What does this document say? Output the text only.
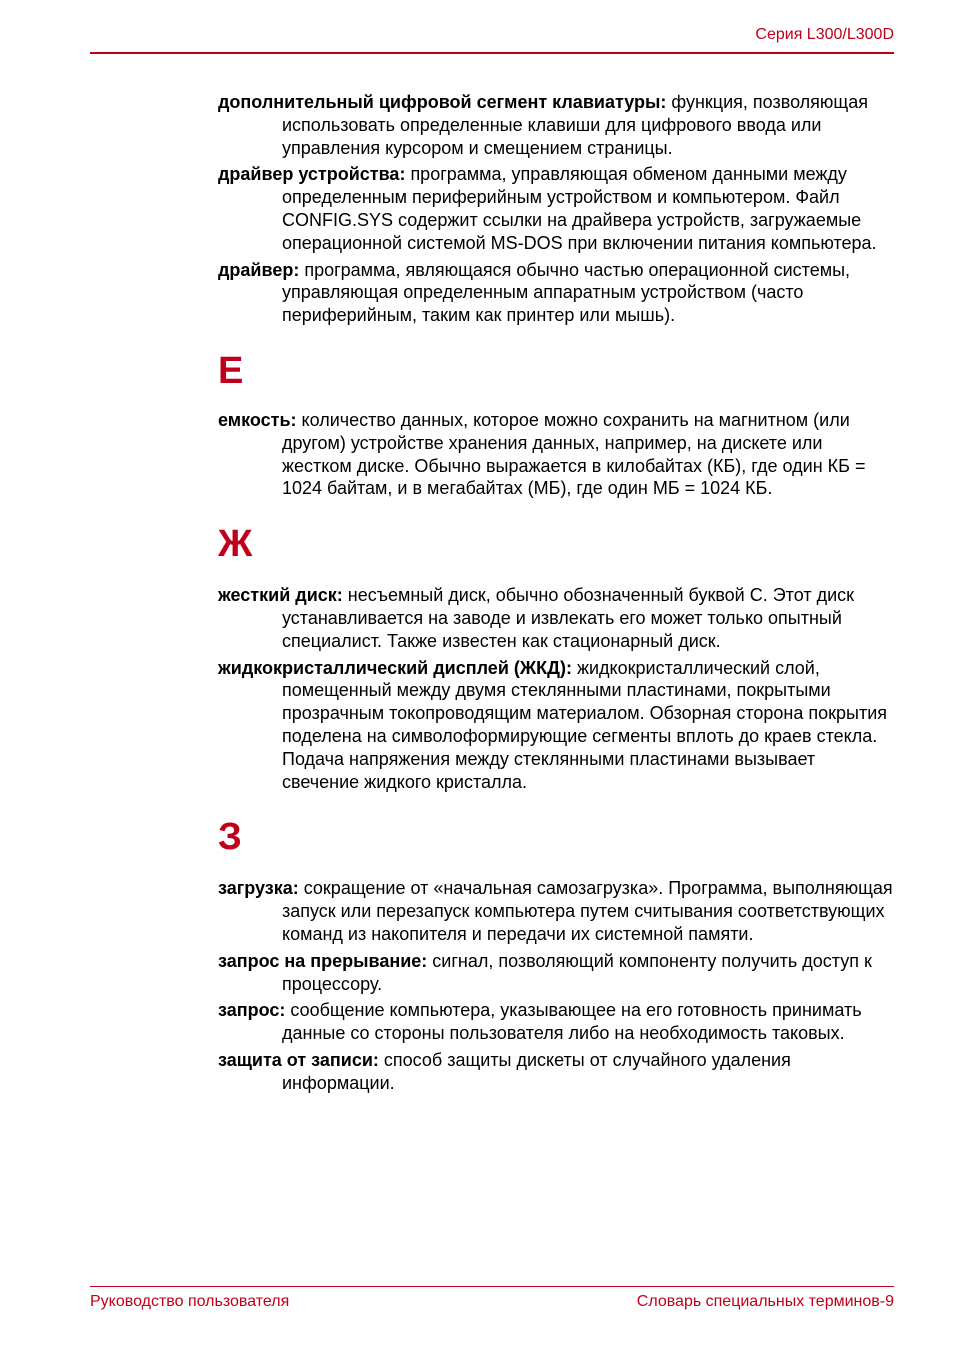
Серия L300/L300D

дополнительный цифровой сегмент клавиатуры: функция, позволяющая использовать определенные клавиши для цифрового ввода или управления курсором и смещением страницы.

драйвер устройства: программа, управляющая обменом данными между определенным периферийным устройством и компьютером. Файл CONFIG.SYS содержит ссылки на драйвера устройств, загружаемые операционной системой MS-DOS при включении питания компьютера.

драйвер: программа, являющаяся обычно частью операционной системы, управляющая определенным аппаратным устройством (часто периферийным, таким как принтер или мышь).

Е

емкость: количество данных, которое можно сохранить на магнитном (или другом) устройстве хранения данных, например, на дискете или жестком диске. Обычно выражается в килобайтах (КБ), где один КБ = 1024 байтам, и в мегабайтах (МБ), где один МБ = 1024 КБ.

Ж

жесткий диск: несъемный диск, обычно обозначенный буквой C. Этот диск устанавливается на заводе и извлекать его может только опытный специалист. Также известен как стационарный диск.

жидкокристаллический дисплей (ЖКД): жидкокристаллический слой, помещенный между двумя стеклянными пластинами, покрытыми прозрачным токопроводящим материалом. Обзорная сторона покрытия поделена на символоформирующие сегменты вплоть до краев стекла. Подача напряжения между стеклянными пластинами вызывает свечение жидкого кристалла.

З

загрузка: сокращение от «начальная самозагрузка». Программа, выполняющая запуск или перезапуск компьютера путем считывания соответствующих команд из накопителя и передачи их системной памяти.

запрос на прерывание: сигнал, позволяющий компоненту получить доступ к процессору.

запрос: сообщение компьютера, указывающее на его готовность принимать данные со стороны пользователя либо на необходимость таковых.

защита от записи: способ защиты дискеты от случайного удаления информации.

Руководство пользователя	Словарь специальных терминов-9
